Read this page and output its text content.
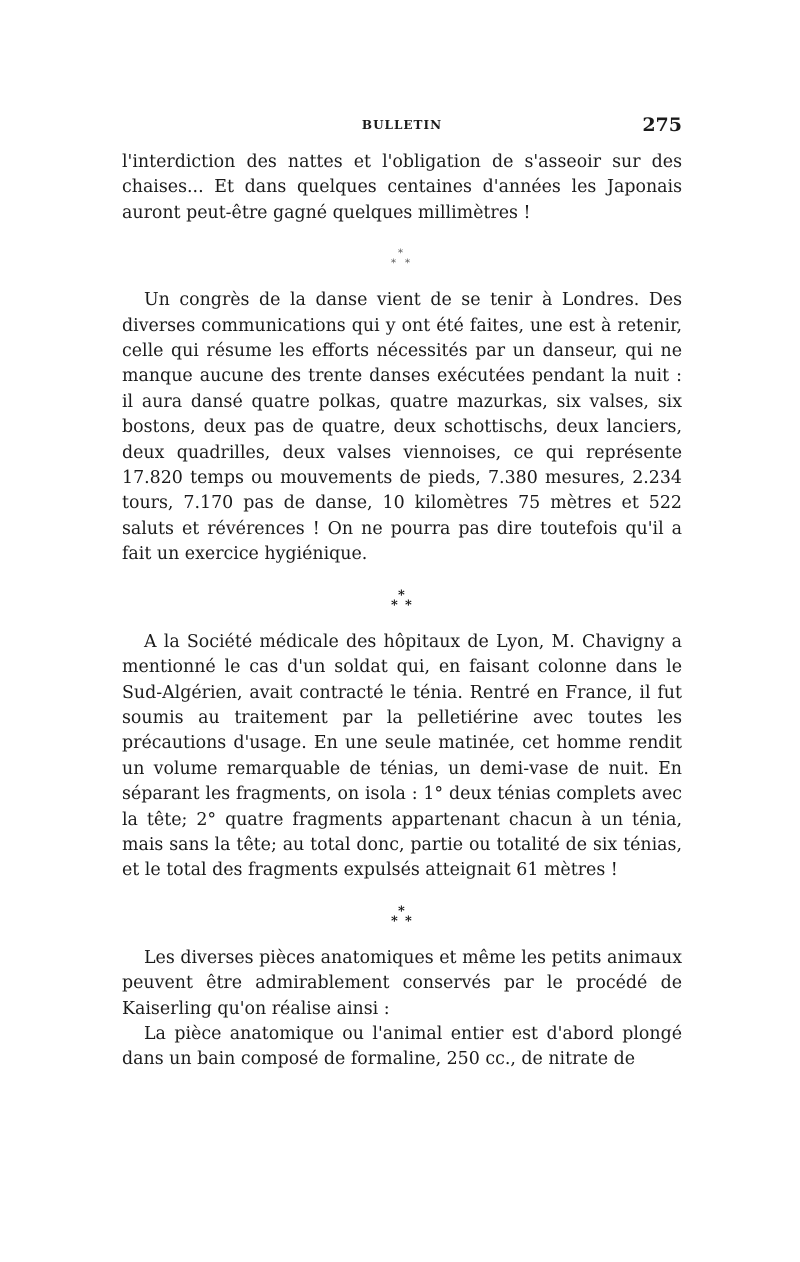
BULLETIN	275

l'interdiction des nattes et l'obligation de s'asseoir sur des chaises... Et dans quelques centaines d'années les Japonais auront peut-être gagné quelques millimètres !

*
* *

Un congrès de la danse vient de se tenir à Londres. Des diverses communications qui y ont été faites, une est à retenir, celle qui résume les efforts nécessités par un danseur, qui ne manque aucune des trente danses exécutées pendant la nuit : il aura dansé quatre polkas, quatre mazurkas, six valses, six bostons, deux pas de quatre, deux schottischs, deux lanciers, deux quadrilles, deux valses viennoises, ce qui représente 17.820 temps ou mouvements de pieds, 7.380 mesures, 2.234 tours, 7.170 pas de danse, 10 kilomètres 75 mètres et 522 saluts et révérences ! On ne pourra pas dire toutefois qu'il a fait un exercice hygiénique.

*
* *

A la Société médicale des hôpitaux de Lyon, M. Chavigny a mentionné le cas d'un soldat qui, en faisant colonne dans le Sud-Algérien, avait contracté le ténia. Rentré en France, il fut soumis au traitement par la pelletiérine avec toutes les précautions d'usage. En une seule matinée, cet homme rendit un volume remarquable de ténias, un demi-vase de nuit. En séparant les fragments, on isola : 1° deux ténias complets avec la tête; 2° quatre fragments appartenant chacun à un ténia, mais sans la tête; au total donc, partie ou totalité de six ténias, et le total des fragments expulsés atteignait 61 mètres !

*
* *

Les diverses pièces anatomiques et même les petits animaux peuvent être admirablement conservés par le procédé de Kaiserling qu'on réalise ainsi :

La pièce anatomique ou l'animal entier est d'abord plongé dans un bain composé de formaline, 250 cc., de nitrate de
